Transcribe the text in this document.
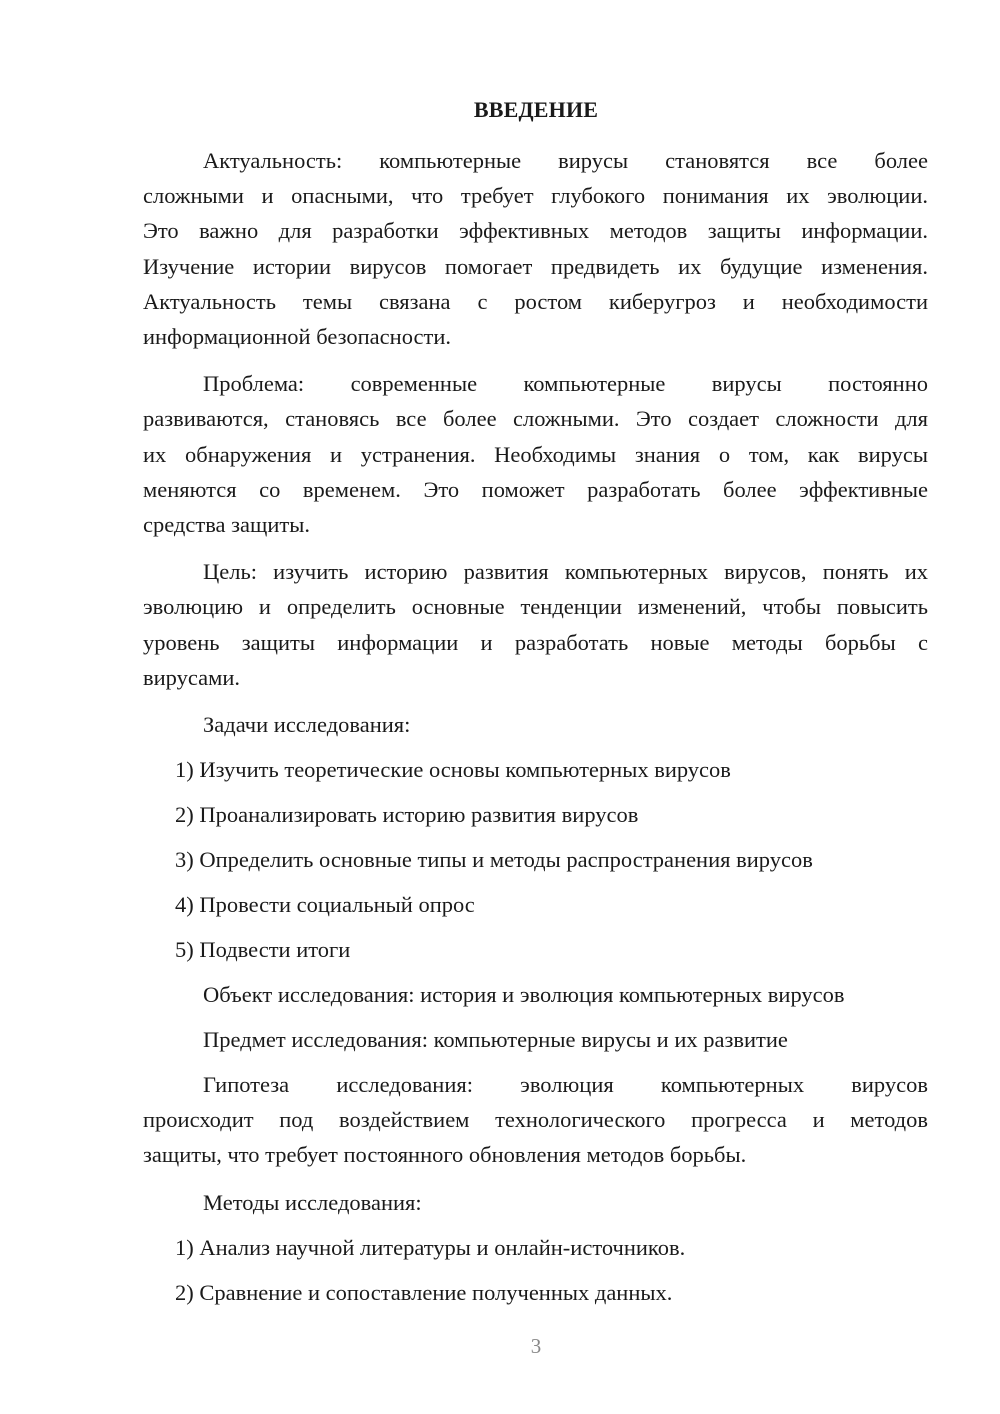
ВВЕДЕНИЕ
Актуальность: компьютерные вирусы становятся все более
сложными и опасными, что требует глубокого понимания их эволюции.
Это важно для разработки эффективных методов защиты информации.
Изучение истории вирусов помогает предвидеть их будущие изменения.
Актуальность темы связана с ростом киберугроз и необходимости
информационной безопасности.
Проблема: современные компьютерные вирусы постоянно
развиваются, становясь все более сложными. Это создает сложности для
их обнаружения и устранения. Необходимы знания о том, как вирусы
меняются со временем. Это поможет разработать более эффективные
средства защиты.
Цель: изучить историю развития компьютерных вирусов, понять их
эволюцию и определить основные тенденции изменений, чтобы повысить
уровень защиты информации и разработать новые методы борьбы с
вирусами.
Задачи исследования:
1) Изучить теоретические основы компьютерных вирусов
2) Проанализировать историю развития вирусов
3) Определить основные типы и методы распространения вирусов
4) Провести социальный опрос
5) Подвести итоги
Объект исследования: история и эволюция компьютерных вирусов
Предмет исследования: компьютерные вирусы и их развитие
Гипотеза исследования: эволюция компьютерных вирусов
происходит под воздействием технологического прогресса и методов
защиты, что требует постоянного обновления методов борьбы.
Методы исследования:
1) Анализ научной литературы и онлайн-источников.
2) Сравнение и сопоставление полученных данных.
3
